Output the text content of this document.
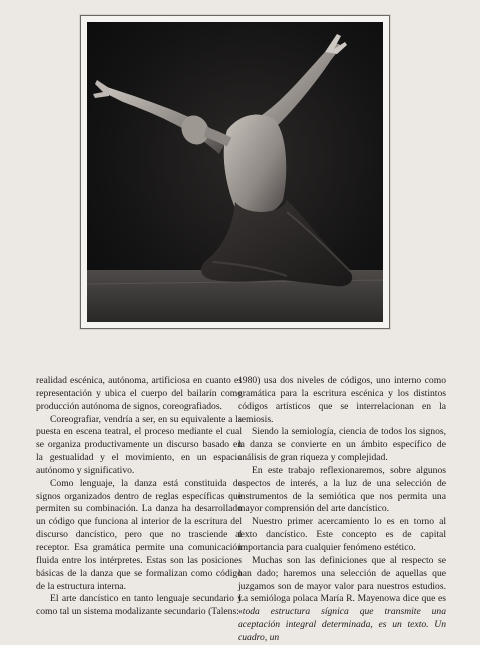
realidad escénica, autónoma, artificiosa en cuanto es representación y ubica el cuerpo del bailarín como producción autónoma de signos, coreografiados.

Coreografiar, vendría a ser, en su equivalente a la puesta en escena teatral, el proceso mediante el cual se organiza productivamente un discurso basado en la gestualidad y el movimiento, en un espacio autónomo y significativo.

Como lenguaje, la danza está constituida de signos organizados dentro de reglas específicas que permiten su combinación. La danza ha desarrollado un código que funciona al interior de la escritura del discurso dancístico, pero que no trasciende al receptor. Esa gramática permite una comunicación fluida entre los intérpretes. Estas son las posiciones básicas de la danza que se formalizan como código de la estructura interna.

El arte dancístico en tanto lenguaje secundario y como tal un sistema modalizante secundario (Talens:

1980) usa dos niveles de códigos, uno interno como gramática para la escritura escénica y los distintos códigos artísticos que se interrelacionan en la semiosis.

Siendo la semiología, ciencia de todos los signos, la danza se convierte en un ámbito específico de análisis de gran riqueza y complejidad.

En este trabajo reflexionaremos, sobre algunos aspectos de interés, a la luz de una selección de instrumentos de la semiótica que nos permita una mayor comprensión del arte dancístico.

Nuestro primer acercamiento lo es en torno al texto dancístico. Este concepto es de capital importancia para cualquier fenómeno estético.

Muchas son las definiciones que al respecto se han dado; haremos una selección de aquellas que juzgamos son de mayor valor para nuestros estudios. La semióloga polaca María R. Mayenowa dice que es «toda estructura sígnica que transmite una aceptación integral determinada, es un texto. Un cuadro, un
